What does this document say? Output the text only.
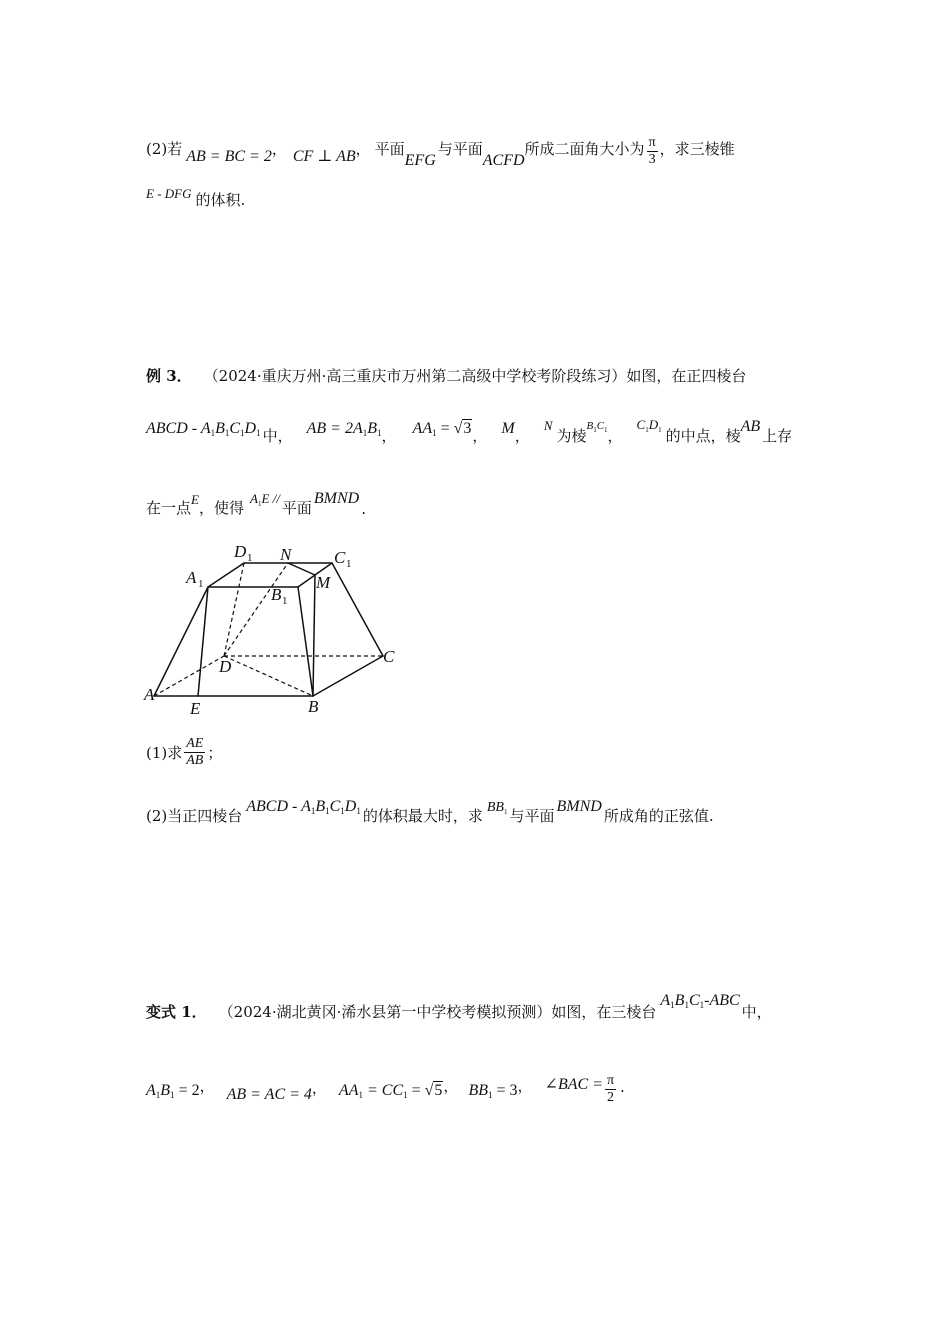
(2)若 AB = BC = 2 ， CF ⊥ AB ， 平面
EFG
与平面
ACFD
所成二面角大小为 $\frac{\pi}{3}$ ，求三棱锥
E - DFG 的体积.
例 3． （2024·重庆万州·高三重庆市万州第二高级中学校考阶段练习）如图，在正四棱台
ABCD - $A_1B_1C_1D_1$ 中， AB = $2A_1B_1$ ， $AA_1 = √3$ ， M ，
N
为棱
$B_1C_1$ ，
$C_1D_1$ 的中点，棱
AB
上存
在一点 E ，使得
$A_1E$ //
平面
BMND
.
A
E	B
C
D
M
N
A 1
B 1
C 1
D 1
(1)求 $\frac{AE}{AB}$ ；
(2)当正四棱台
ABCD - $A_1B_1C_1D_1$ 的体积最大时，求 $BB_1$ 与平面
BMND
所成角的正弦值.
变式 1． （2024·湖北黄冈·浠水县第一中学校考模拟预测）如图，在三棱台
$A_1B_1C_1$-ABC
中，
$A_1B_1 = 2$ ， AB = AC = 4 ， $AA_1 = CC_1 = √5$ ， $BB_1 = 3$ ， ∠BAC = $\frac{\pi}{2}$ .
